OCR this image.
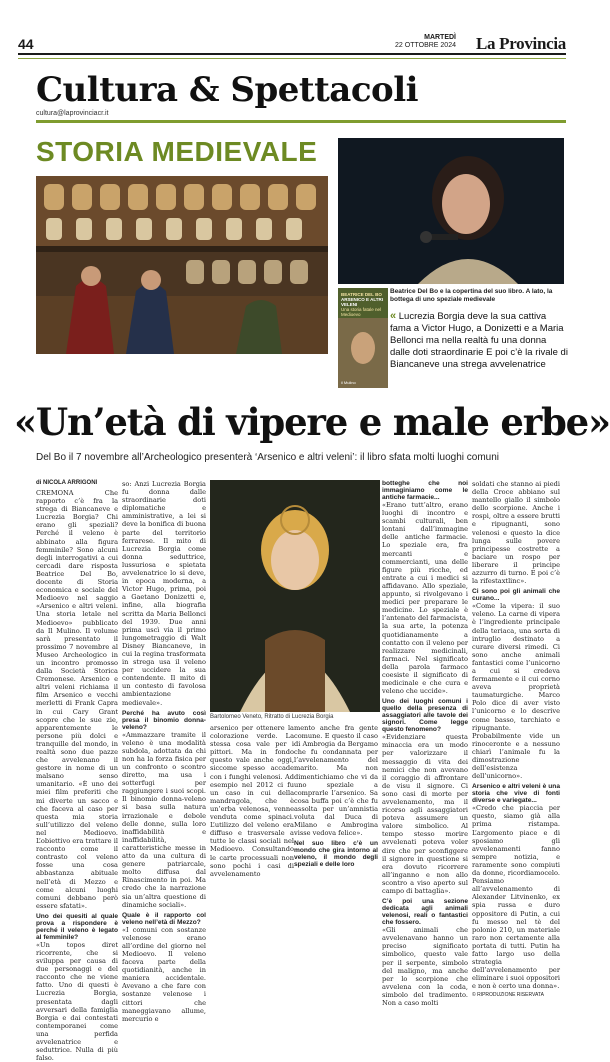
44	MARTEDÌ
22 OTTOBRE 2024 La Provincia
Cultura & Spettacoli
cultura@laprovinciacr.it
STORIA MEDIEVALE
BEATRICE DEL BO
ARSENICO E ALTRI VELENI
Una storia fatale nel Medioevo
il Mulino
Beatrice Del Bo e la copertina del suo libro. A lato, la bottega di uno speziale medievale
« Lucrezia Borgia deve la sua cattiva fama a Victor Hugo, a Donizetti e a Maria Bellonci ma nella realtà fu una donna dalle doti straordinarie E poi c’è la rivale di Biancaneve una strega avvelenatrice
«Un’età di vipere e male erbe»
Del Bo il 7 novembre all’Archeologico presenterà ‘Arsenico e altri veleni’: il libro sfata molti luoghi comuni
di NICOLA ARRIGONI
CREMONA Che rapporto c’è fra la strega di Biancaneve e Lucrezia Borgia? Chi erano gli speziali? Perché il veleno è abbinato alla figura femminile? Sono alcuni degli interrogativi a cui cercadi dare risposta Beatrice Del Bo, docente di Storia economica e sociale del Medioevo nel saggio «Arsenico e altri veleni. Una storia letale nel Medioevo» pubblicato da Il Mulino. Il volume sarà presentato il prossimo 7 novembre al Museo Archeologico in un incontro promosso dalla Società Storica Cremonese. Arsenico e altri veleni richiama il film Arsenico e vecchi merletti di Frank Capra in cui Cary Grant scopre che le sue zie, apparentemente le persone più dolci e tranquille del mondo, in realtà sono due pazze che avvelenano il gestore in nome di un malsano senso umanitario. «È uno dei miei film preferiti che mi diverte un sacco e che faceva al caso per questa mia storia sull’utilizzo del veleno nel Medioevo. L’obiettivo era trattare il racconto come il contrasto col veleno fosse una cosa abbastanza abituale nell’età di Mezzo e come alcuni luoghi comuni debbano però essere sfatati».
Uno dei quesiti al quale prova a rispondere è perché il veleno è legato al femminile?
«Un topos diret ricorrente, che si sviluppa per causa di due personaggi e del racconto che ne viene fatto. Uno di questi è Lucrezia Borgia, presentata dagli avversari della famiglia Borgia e dai contestati contemporanei come una perfida avvelenatrice e seduttrice. Nulla di più falso.
so: Anzi Lucrezia Borgia fu donna dalle straordinarie doti diplomatiche e amministrative, a lei si deve la bonifica di buona parte del territorio ferrarese. Il mito di Lucrezia Borgia come donna seduttrice, lussuriosa e spietata avvelenatrice lo si deve, in epoca moderna, a Victor Hugo, prima, poi a Gaetano Donizetti e, infine, alla biografia scritta da Maria Bellonci del 1939. Due anni prima uscì via il primo lungometraggio di Walt Disney Biancaneve, in cui la regina trasformata in strega usa il veleno per uccidere la sua contendente. Il mito di un contesto di favolosa ambientazione medievale».
Perché ha avuto così presa il binomio donna-veleno?
«Ammazzare tramite il veleno è una modalità subdola, adottata da chi non ha la forza fisica per un confronto o scontro diretto, ma usa i sotterfugi per raggiungere i suoi scopi. Il binomio donna-veleno si basa sulla natura irrazionale e debole delle donne, sulla loro inaffidabilità e inaffidabilità, caratteristiche messe in atto da una cultura di genere patriarcale, molto diffusa dal Rinascimento in poi. Ma credo che la narrazione sia un’altra questione di dinamiche sociali».
Quale è il rapporto col veleno nell’età di Mezzo?
«I comuni con sostanze velenose erano all’ordine del giorno nel Medioevo. Il veleno faceva parte della quotidianità, anche in maniera accidentale. Avevano a che fare con sostanze velenose i cittori che maneggiavano allume, mercurio e
Bartolomeo Veneto, Ritratto di Lucrezia Borgia
arsenico per ottenere la colorazione verde. La stessa cosa vale per i pittori. Ma in fondo questo vale anche oggi, siccome spesso accade con i funghi velenosi. Ad esempio nel 2012 ci fu un caso in cui della mandragola, che è un’erba velenosa, venne venduta come spinaci. L’utilizzo del veleno era diffuso e trasversale a tutte le classi sociali nel Medioevo. Consultando le carte processuali non sono pochi i casi di avvelenamento
mento anche fra gente comune. E questo il caso di Ambrogia da Bergamo che fu condannata per l’avvelenamento del marito. Ma non dimentichiamo che vi da uno speziale a comprarle l’arsenico. Sa cosa buffa poi c’è che fu assolta per un’amnistia voluta dal Duca di Milano e Ambrogina visse vedova felice».
Nel suo libro c’è un mondo che gira intorno al veleno, il mondo degli speziali e delle loro
botteghe che noi immaginiamo come le antiche farmacie...
«Erano tutt’altro, erano luoghi di incontro e scambi culturali, ben lontani dall’immagine delle antiche farmacie. Lo speziale era, fra mercanti e commercianti, una delle figure più ricche, ed entrate a cui i medici si affidavano. Allo speziale, appunto, si rivolgevano i medici per preparare le medicine. Lo speziale è l’antenato del farmacista, la sua arte, la potenza quotidianamente a contatto con il veleno per realizzare medicinali, farmaci. Nel significato della parola farmaco coesiste il significato di medicinale e che cura e veleno che uccide».
Uno dei luoghi comuni i quello della presenza di assaggiatori alle tavole dei signori. Come legge questo fenomeno?
«Evidenziare questa minaccia era un modo per valorizzare il messaggio di vita dei nemici che non avevano il coraggio di affrontare de visu il signore. Ci sono casi di morte per avvelenamento, ma il ricorso agli assaggiatori poteva assumere un valore simbolico. Al tempo stesso morire avvelenati poteva voler dire che per sconfiggere il signore in questione si era dovuto ricorrere all’inganno e non allo scontro a viso aperto sul campo di battaglia».
C’è poi una sezione dedicata agli animali velenosi, reali o fantastici che fossero.
«Gli animali che avvelenavano hanno un preciso significato simbolico, questo vale per il serpente, simbolo del maligno, ma anche per lo scorpione che avvelena con la coda, simbolo del tradimento. Non a caso molti
soldati che stanno ai piedi della Croce abbiano sul mantello giallo il simbolo dello scorpione. Anche i rospi, oltre a essere brutti e ripugnanti, sono velenosi e questo la dice lunga sulle povere principesse costrette a baciare un rospo per liberare il principe azzurro di turno. E poi c’è la rifestaxtlinc».
Ci sono poi gli animali che curano...
«Come la vipera: il suo veleno. La carne di vipera è l’ingrediente principale della teriaca, una sorta di intruglio destinato a curare diversi rimedi. Ci sono anche animali fantastici come l’unicorno a cui si credeva fermamente e il cui corno aveva proprietà taumaturgiche. Marco Polo dice di aver visto l’unicorno e lo descrive come basso, tarchiato e ripugnante. Probabilmente vide un rinoceronte e a nessuno chiarì l’animale fu la dimostrazione dell’esistenza dell’unicorno».
Arsenico e altri veleni è una storia che vive di fonti diverse e variegate...
«Credo che piaccia per questo, siamo già alla prima ristampa. L’argomento piace e di sposiamo gli avvelenamenti fanno sempre notizia, e raramente sono compiuti da donne, ricordiamocelo. Pensiamo all’avvelenamento di Alexander Litvinenko, ex spia russa e duro oppositore di Putin, a cui fu messo nel tè del polonio 210, un materiale raro non certamente alla portata di tutti. Putin ha fatto largo uso della strategia dell’avvelenamento per eliminare i suoi oppositori e non è certo una donna».
© RIPRODUZIONE RISERVATA
